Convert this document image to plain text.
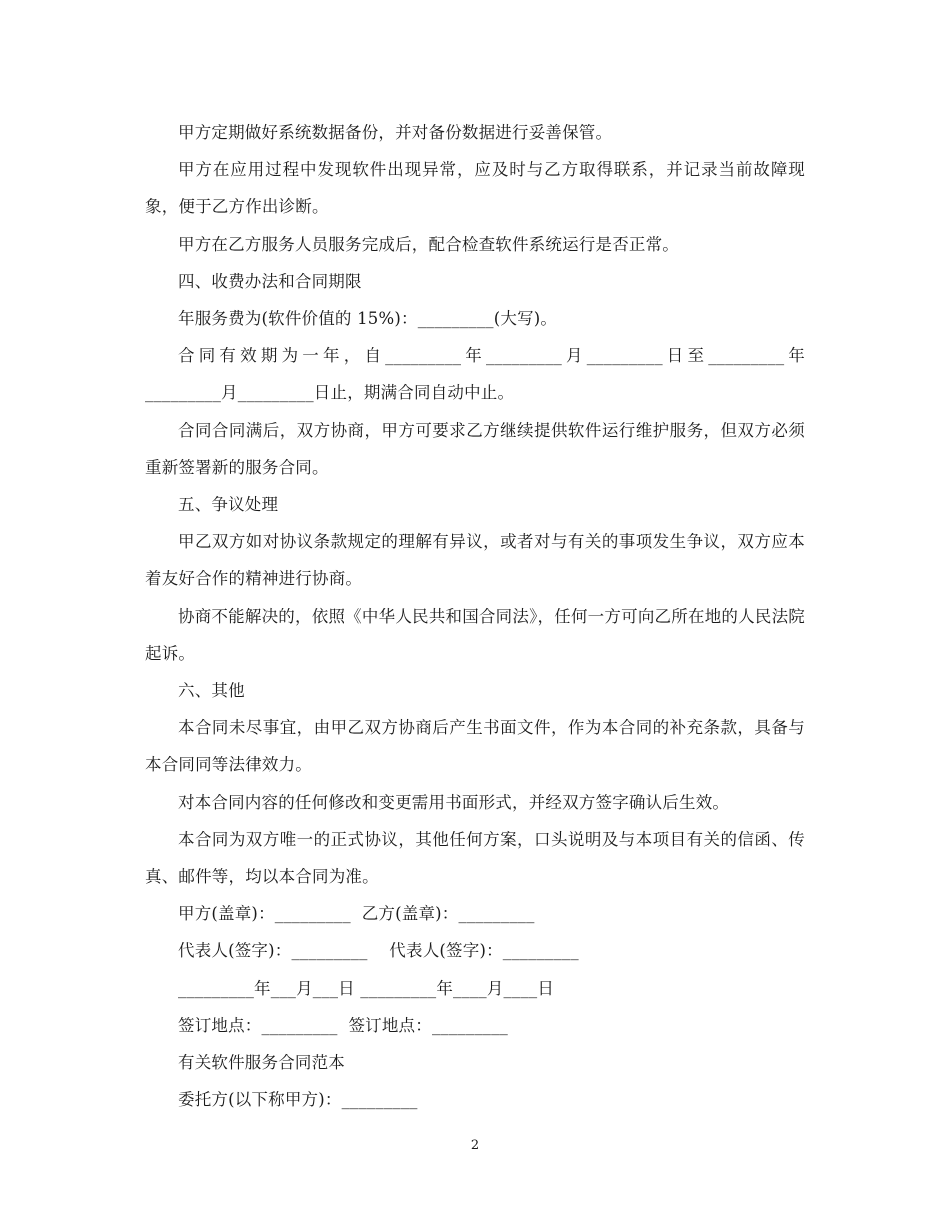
甲方定期做好系统数据备份，并对备份数据进行妥善保管。

甲方在应用过程中发现软件出现异常，应及时与乙方取得联系，并记录当前故障现象，便于乙方作出诊断。

甲方在乙方服务人员服务完成后，配合检查软件系统运行是否正常。

四、收费办法和合同期限

年服务费为(软件价值的 15%)：_________(大写)。

合同有效期为一年，自_________年_________月_________日至_________年_________月_________日止，期满合同自动中止。

合同合同满后，双方协商，甲方可要求乙方继续提供软件运行维护服务，但双方必须重新签署新的服务合同。

五、争议处理

甲乙双方如对协议条款规定的理解有异议，或者对与有关的事项发生争议，双方应本着友好合作的精神进行协商。

协商不能解决的，依照《中华人民共和国合同法》，任何一方可向乙所在地的人民法院起诉。

六、其他

本合同未尽事宜，由甲乙双方协商后产生书面文件，作为本合同的补充条款，具备与本合同同等法律效力。

对本合同内容的任何修改和变更需用书面形式，并经双方签字确认后生效。

本合同为双方唯一的正式协议，其他任何方案，口头说明及与本项目有关的信函、传真、邮件等，均以本合同为准。

甲方(盖章)：_________  乙方(盖章)：_________

代表人(签字)：_________    代表人(签字)：_________

_________年___月___日 _________年____月____日

签订地点：_________  签订地点：_________

有关软件服务合同范本

委托方(以下称甲方)：_________

2
